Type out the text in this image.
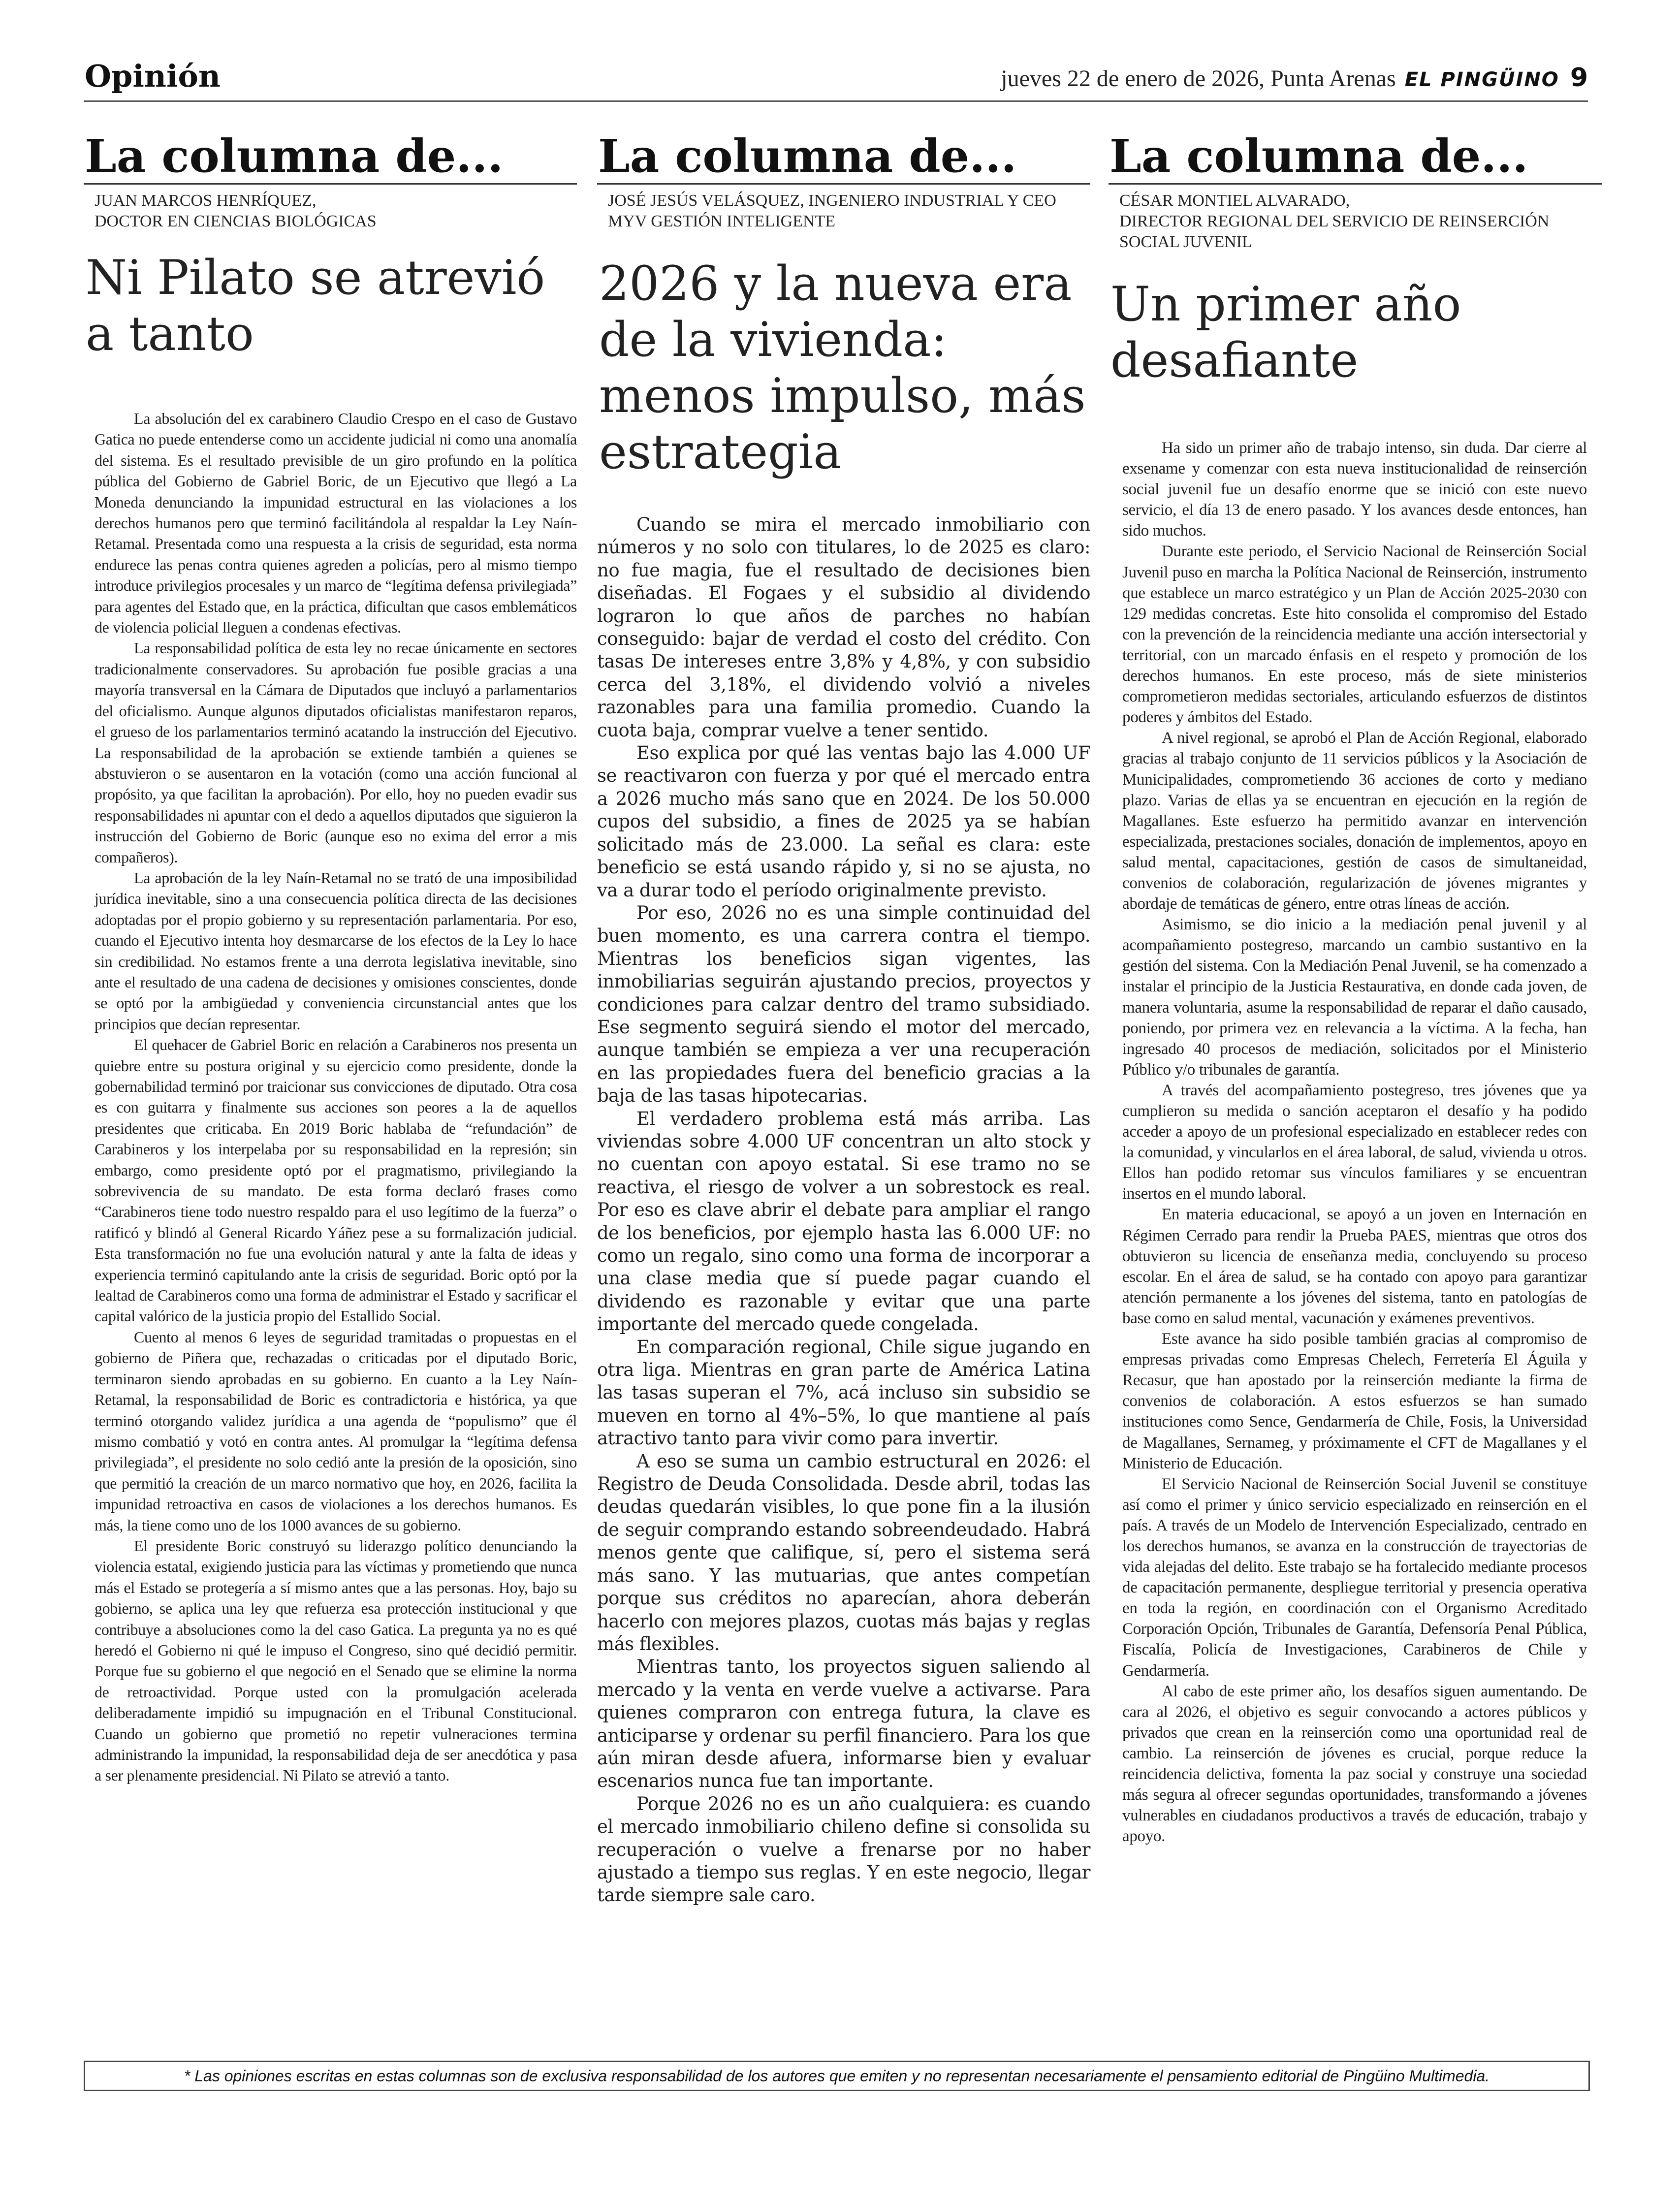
Opinión	jueves 22 de enero de 2026, Punta Arenas EL PINGÜINO 9
La columna de...
JUAN MARCOS HENRÍQUEZ,
DOCTOR EN CIENCIAS BIOLÓGICAS
Ni Pilato se atrevió a tanto

La absolución del ex carabinero Claudio Crespo en el caso de Gustavo Gatica no puede entenderse como un accidente judicial ni como una anomalía del sistema. Es el resultado previsible de un giro profundo en la política pública del Gobierno de Gabriel Boric, de un Ejecutivo que llegó a La Moneda denunciando la impunidad estructural en las violaciones a los derechos humanos pero que terminó facilitándola al respaldar la Ley Naín-Retamal. Presentada como una respuesta a la crisis de seguridad, esta norma endurece las penas contra quienes agreden a policías, pero al mismo tiempo introduce privilegios procesales y un marco de “legítima defensa privilegiada” para agentes del Estado que, en la práctica, dificultan que casos emblemáticos de violencia policial lleguen a condenas efectivas.

La responsabilidad política de esta ley no recae únicamente en sectores tradicionalmente conservadores. Su aprobación fue posible gracias a una mayoría transversal en la Cámara de Diputados que incluyó a parlamentarios del oficialismo. Aunque algunos diputados oficialistas manifestaron reparos, el grueso de los parlamentarios terminó acatando la instrucción del Ejecutivo. La responsabilidad de la aprobación se extiende también a quienes se abstuvieron o se ausentaron en la votación (como una acción funcional al propósito, ya que facilitan la aprobación). Por ello, hoy no pueden evadir sus responsabilidades ni apuntar con el dedo a aquellos diputados que siguieron la instrucción del Gobierno de Boric (aunque eso no exima del error a mis compañeros).

La aprobación de la ley Naín-Retamal no se trató de una imposibilidad jurídica inevitable, sino a una consecuencia política directa de las decisiones adoptadas por el propio gobierno y su representación parlamentaria. Por eso, cuando el Ejecutivo intenta hoy desmarcarse de los efectos de la Ley lo hace sin credibilidad. No estamos frente a una derrota legislativa inevitable, sino ante el resultado de una cadena de decisiones y omisiones conscientes, donde se optó por la ambigüedad y conveniencia circunstancial antes que los principios que decían representar.

El quehacer de Gabriel Boric en relación a Carabineros nos presenta un quiebre entre su postura original y su ejercicio como presidente, donde la gobernabilidad terminó por traicionar sus convicciones de diputado. Otra cosa es con guitarra y finalmente sus acciones son peores a la de aquellos presidentes que criticaba. En 2019 Boric hablaba de “refundación” de Carabineros y los interpelaba por su responsabilidad en la represión; sin embargo, como presidente optó por el pragmatismo, privilegiando la sobrevivencia de su mandato. De esta forma declaró frases como “Carabineros tiene todo nuestro respaldo para el uso legítimo de la fuerza” o ratificó y blindó al General Ricardo Yáñez pese a su formalización judicial. Esta transformación no fue una evolución natural y ante la falta de ideas y experiencia terminó capitulando ante la crisis de seguridad. Boric optó por la lealtad de Carabineros como una forma de administrar el Estado y sacrificar el capital valórico de la justicia propio del Estallido Social.

Cuento al menos 6 leyes de seguridad tramitadas o propuestas en el gobierno de Piñera que, rechazadas o criticadas por el diputado Boric, terminaron siendo aprobadas en su gobierno. En cuanto a la Ley Naín-Retamal, la responsabilidad de Boric es contradictoria e histórica, ya que terminó otorgando validez jurídica a una agenda de “populismo” que él mismo combatió y votó en contra antes. Al promulgar la “legítima defensa privilegiada”, el presidente no solo cedió ante la presión de la oposición, sino que permitió la creación de un marco normativo que hoy, en 2026, facilita la impunidad retroactiva en casos de violaciones a los derechos humanos. Es más, la tiene como uno de los 1000 avances de su gobierno.

El presidente Boric construyó su liderazgo político denunciando la violencia estatal, exigiendo justicia para las víctimas y prometiendo que nunca más el Estado se protegería a sí mismo antes que a las personas. Hoy, bajo su gobierno, se aplica una ley que refuerza esa protección institucional y que contribuye a absoluciones como la del caso Gatica. La pregunta ya no es qué heredó el Gobierno ni qué le impuso el Congreso, sino qué decidió permitir. Porque fue su gobierno el que negoció en el Senado que se elimine la norma de retroactividad. Porque usted con la promulgación acelerada deliberadamente impidió su impugnación en el Tribunal Constitucional. Cuando un gobierno que prometió no repetir vulneraciones termina administrando la impunidad, la responsabilidad deja de ser anecdótica y pasa a ser plenamente presidencial. Ni Pilato se atrevió a tanto.

La columna de...
JOSÉ JESÚS VELÁSQUEZ, INGENIERO INDUSTRIAL Y CEO
MYV GESTIÓN INTELIGENTE
2026 y la nueva era de la vivienda: menos impulso, más estrategia

Cuando se mira el mercado inmobiliario con números y no solo con titulares, lo de 2025 es claro: no fue magia, fue el resultado de decisiones bien diseñadas. El Fogaes y el subsidio al dividendo lograron lo que años de parches no habían conseguido: bajar de verdad el costo del crédito. Con tasas De intereses entre 3,8% y 4,8%, y con subsidio cerca del 3,18%, el dividendo volvió a niveles razonables para una familia promedio. Cuando la cuota baja, comprar vuelve a tener sentido.

Eso explica por qué las ventas bajo las 4.000 UF se reactivaron con fuerza y por qué el mercado entra a 2026 mucho más sano que en 2024. De los 50.000 cupos del subsidio, a fines de 2025 ya se habían solicitado más de 23.000. La señal es clara: este beneficio se está usando rápido y, si no se ajusta, no va a durar todo el período originalmente previsto.

Por eso, 2026 no es una simple continuidad del buen momento, es una carrera contra el tiempo. Mientras los beneficios sigan vigentes, las inmobiliarias seguirán ajustando precios, proyectos y condiciones para calzar dentro del tramo subsidiado. Ese segmento seguirá siendo el motor del mercado, aunque también se empieza a ver una recuperación en las propiedades fuera del beneficio gracias a la baja de las tasas hipotecarias.

El verdadero problema está más arriba. Las viviendas sobre 4.000 UF concentran un alto stock y no cuentan con apoyo estatal. Si ese tramo no se reactiva, el riesgo de volver a un sobrestock es real. Por eso es clave abrir el debate para ampliar el rango de los beneficios, por ejemplo hasta las 6.000 UF: no como un regalo, sino como una forma de incorporar a una clase media que sí puede pagar cuando el dividendo es razonable y evitar que una parte importante del mercado quede congelada.

En comparación regional, Chile sigue jugando en otra liga. Mientras en gran parte de América Latina las tasas superan el 7%, acá incluso sin subsidio se mueven en torno al 4%–5%, lo que mantiene al país atractivo tanto para vivir como para invertir.

A eso se suma un cambio estructural en 2026: el Registro de Deuda Consolidada. Desde abril, todas las deudas quedarán visibles, lo que pone fin a la ilusión de seguir comprando estando sobreendeudado. Habrá menos gente que califique, sí, pero el sistema será más sano. Y las mutuarias, que antes competían porque sus créditos no aparecían, ahora deberán hacerlo con mejores plazos, cuotas más bajas y reglas más flexibles.

Mientras tanto, los proyectos siguen saliendo al mercado y la venta en verde vuelve a activarse. Para quienes compraron con entrega futura, la clave es anticiparse y ordenar su perfil financiero. Para los que aún miran desde afuera, informarse bien y evaluar escenarios nunca fue tan importante.

Porque 2026 no es un año cualquiera: es cuando el mercado inmobiliario chileno define si consolida su recuperación o vuelve a frenarse por no haber ajustado a tiempo sus reglas. Y en este negocio, llegar tarde siempre sale caro.

La columna de...
CÉSAR MONTIEL ALVARADO,
DIRECTOR REGIONAL DEL SERVICIO DE REINSERCIÓN SOCIAL JUVENIL
Un primer año desafiante

Ha sido un primer año de trabajo intenso, sin duda. Dar cierre al exsename y comenzar con esta nueva institucionalidad de reinserción social juvenil fue un desafío enorme que se inició con este nuevo servicio, el día 13 de enero pasado. Y los avances desde entonces, han sido muchos.

Durante este periodo, el Servicio Nacional de Reinserción Social Juvenil puso en marcha la Política Nacional de Reinserción, instrumento que establece un marco estratégico y un Plan de Acción 2025-2030 con 129 medidas concretas. Este hito consolida el compromiso del Estado con la prevención de la reincidencia mediante una acción intersectorial y territorial, con un marcado énfasis en el respeto y promoción de los derechos humanos. En este proceso, más de siete ministerios comprometieron medidas sectoriales, articulando esfuerzos de distintos poderes y ámbitos del Estado.

A nivel regional, se aprobó el Plan de Acción Regional, elaborado gracias al trabajo conjunto de 11 servicios públicos y la Asociación de Municipalidades, comprometiendo 36 acciones de corto y mediano plazo. Varias de ellas ya se encuentran en ejecución en la región de Magallanes. Este esfuerzo ha permitido avanzar en intervención especializada, prestaciones sociales, donación de implementos, apoyo en salud mental, capacitaciones, gestión de casos de simultaneidad, convenios de colaboración, regularización de jóvenes migrantes y abordaje de temáticas de género, entre otras líneas de acción.

Asimismo, se dio inicio a la mediación penal juvenil y al acompañamiento postegreso, marcando un cambio sustantivo en la gestión del sistema. Con la Mediación Penal Juvenil, se ha comenzado a instalar el principio de la Justicia Restaurativa, en donde cada joven, de manera voluntaria, asume la responsabilidad de reparar el daño causado, poniendo, por primera vez en relevancia a la víctima. A la fecha, han ingresado 40 procesos de mediación, solicitados por el Ministerio Público y/o tribunales de garantía.

A través del acompañamiento postegreso, tres jóvenes que ya cumplieron su medida o sanción aceptaron el desafío y ha podido acceder a apoyo de un profesional especializado en establecer redes con la comunidad, y vincularlos en el área laboral, de salud, vivienda u otros. Ellos han podido retomar sus vínculos familiares y se encuentran insertos en el mundo laboral.

En materia educacional, se apoyó a un joven en Internación en Régimen Cerrado para rendir la Prueba PAES, mientras que otros dos obtuvieron su licencia de enseñanza media, concluyendo su proceso escolar. En el área de salud, se ha contado con apoyo para garantizar atención permanente a los jóvenes del sistema, tanto en patologías de base como en salud mental, vacunación y exámenes preventivos.

Este avance ha sido posible también gracias al compromiso de empresas privadas como Empresas Chelech, Ferretería El Águila y Recasur, que han apostado por la reinserción mediante la firma de convenios de colaboración. A estos esfuerzos se han sumado instituciones como Sence, Gendarmería de Chile, Fosis, la Universidad de Magallanes, Sernameg, y próximamente el CFT de Magallanes y el Ministerio de Educación.

El Servicio Nacional de Reinserción Social Juvenil se constituye así como el primer y único servicio especializado en reinserción en el país. A través de un Modelo de Intervención Especializado, centrado en los derechos humanos, se avanza en la construcción de trayectorias de vida alejadas del delito. Este trabajo se ha fortalecido mediante procesos de capacitación permanente, despliegue territorial y presencia operativa en toda la región, en coordinación con el Organismo Acreditado Corporación Opción, Tribunales de Garantía, Defensoría Penal Pública, Fiscalía, Policía de Investigaciones, Carabineros de Chile y Gendarmería.

Al cabo de este primer año, los desafíos siguen aumentando. De cara al 2026, el objetivo es seguir convocando a actores públicos y privados que crean en la reinserción como una oportunidad real de cambio. La reinserción de jóvenes es crucial, porque reduce la reincidencia delictiva, fomenta la paz social y construye una sociedad más segura al ofrecer segundas oportunidades, transformando a jóvenes vulnerables en ciudadanos productivos a través de educación, trabajo y apoyo.

* Las opiniones escritas en estas columnas son de exclusiva responsabilidad de los autores que emiten y no representan necesariamente el pensamiento editorial de Pingüino Multimedia.
